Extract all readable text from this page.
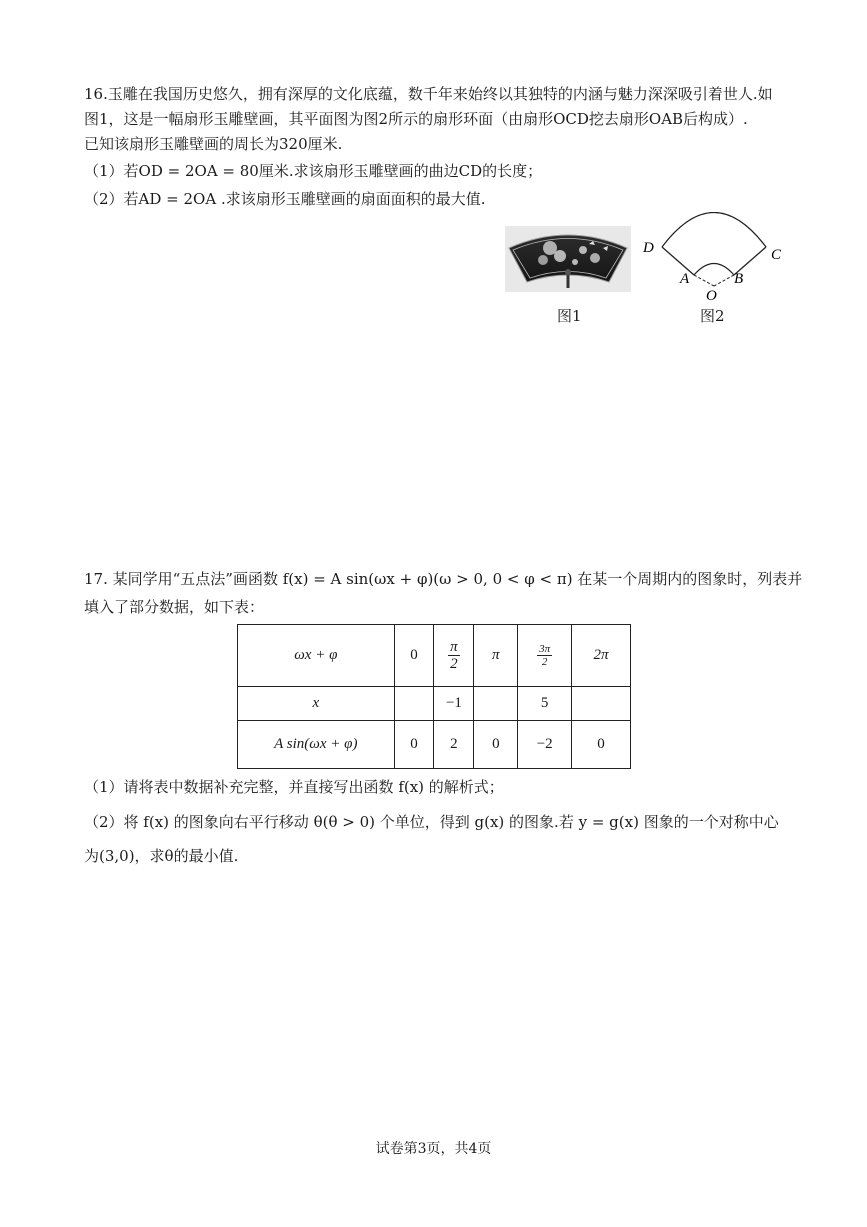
16.玉雕在我国历史悠久，拥有深厚的文化底蕴，数千年来始终以其独特的内涵与魅力深深吸引着世人.如
图1，这是一幅扇形玉雕壁画，其平面图为图2所示的扇形环面（由扇形OCD挖去扇形OAB后构成）.
已知该扇形玉雕壁画的周长为320厘米.
（1）若OD = 2OA = 80厘米.求该扇形玉雕壁画的曲边CD的长度；
（2）若AD = 2OA .求该扇形玉雕壁画的扇面面积的最大值.
图1
D	C
A	B
O
图2
17. 某同学用“五点法”画函数 f(x) = A sin(ωx + φ)(ω > 0, 0 < φ < π) 在某一个周期内的图象时，列表并
填入了部分数据，如下表：
ωx + φ	0	$\frac{\pi}{2}$	π	$\frac{3\pi}{2}$	2π
x		−1		5	
A sin(ωx + φ)	0	2	0	−2	0
（1）请将表中数据补充完整，并直接写出函数 f(x) 的解析式；
（2）将 f(x) 的图象向右平行移动 θ(θ > 0) 个单位，得到 g(x) 的图象.若 y = g(x) 图象的一个对称中心
为(3,0)，求θ的最小值.
试卷第3页，共4页
